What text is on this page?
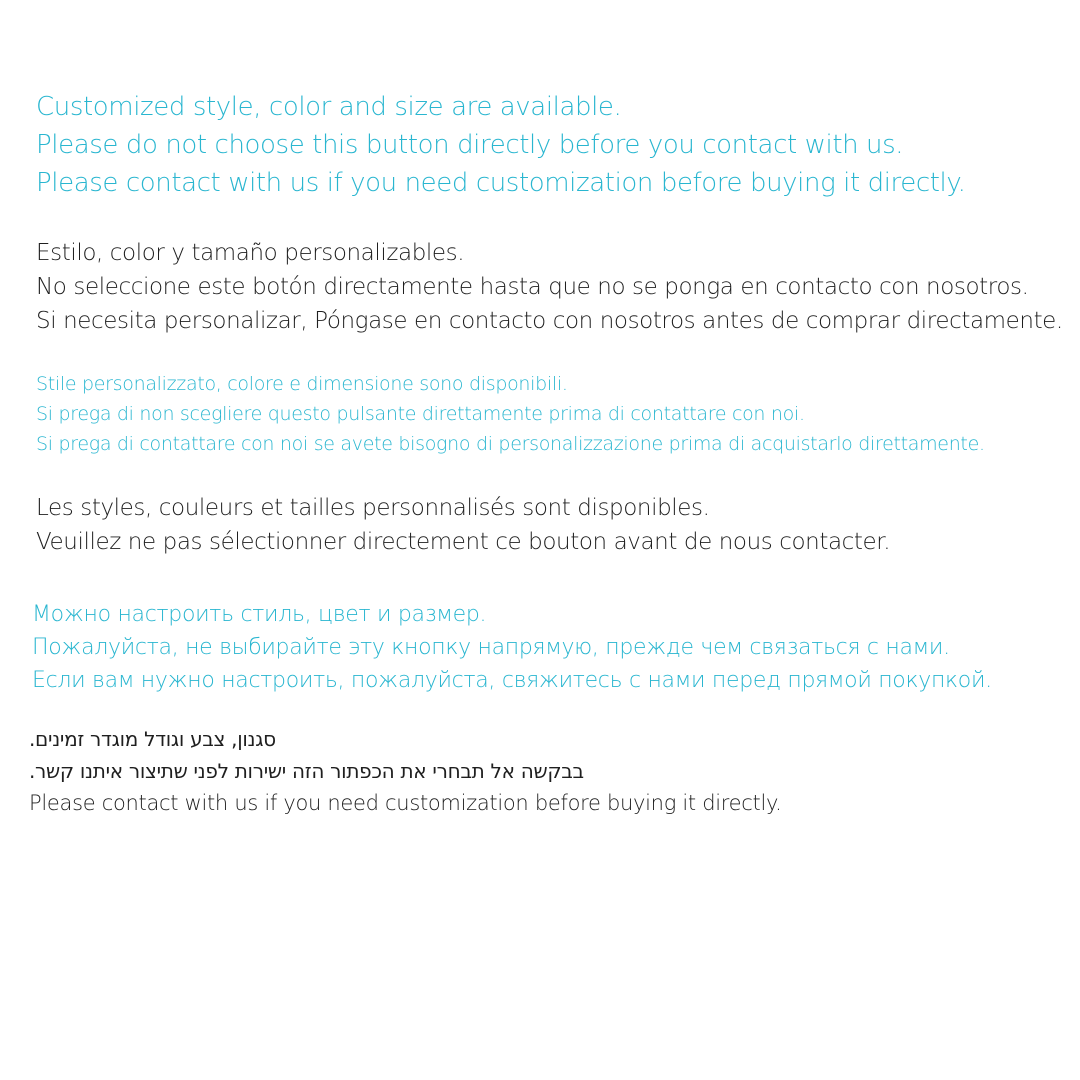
Customized style, color and size are available.
Please do not choose this button directly before you contact with us.
Please contact with us if you need customization before buying it directly.
Estilo, color y tamaño personalizables.
No seleccione este botón directamente hasta que no se ponga en contacto con nosotros.
Si necesita personalizar, Póngase en contacto con nosotros antes de comprar directamente.
Stile personalizzato, colore e dimensione sono disponibili.
Si prega di non scegliere questo pulsante direttamente prima di contattare con noi.
Si prega di contattare con noi se avete bisogno di personalizzazione prima di acquistarlo direttamente.
Les styles, couleurs et tailles personnalisés sont disponibles.
Veuillez ne pas sélectionner directement ce bouton avant de nous contacter.
Можно настроить стиль, цвет и размер.
Пожалуйста, не выбирайте эту кнопку напрямую, прежде чем связаться с нами.
Если вам нужно настроить, пожалуйста, свяжитесь с нами перед прямой покупкой.
סגנון, צבע וגודל מוגדר זמינים.
בבקשה אל תבחרי את הכפתור הזה ישירות לפני שתיצור איתנו קשר.
Please contact with us if you need customization before buying it directly.
